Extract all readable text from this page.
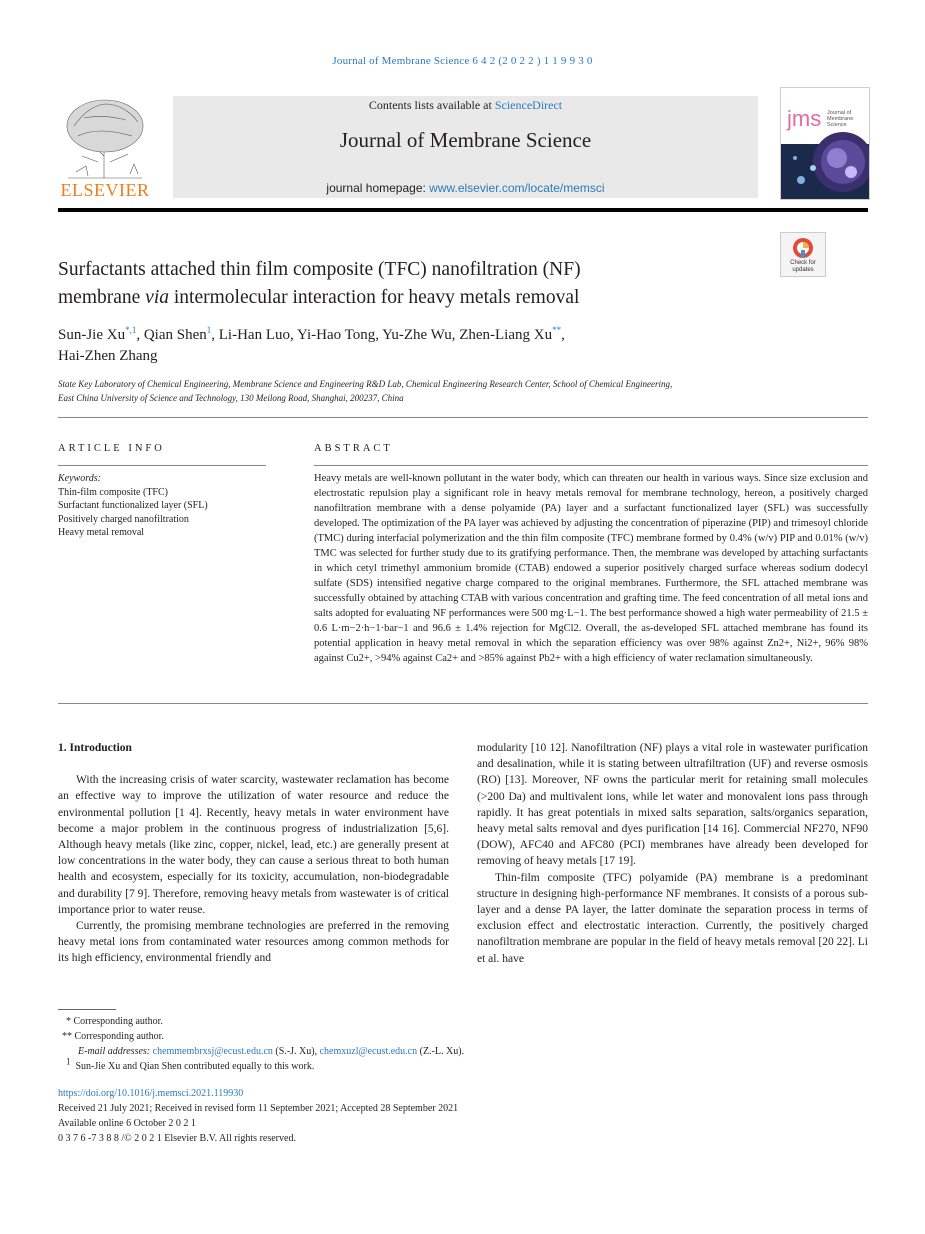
Journal of Membrane Science 6 4 2 (2 0 2 2 ) 1 1 9 9 3 0
ELSEVIER
Contents lists available at ScienceDirect
Journal of Membrane Science
journal homepage: www.elsevier.com/locate/memsci
jms Journal of
Membrane
Science
Check for
updates
Surfactants attached thin film composite (TFC) nanofiltration (NF)
membrane via intermolecular interaction for heavy metals removal
Sun-Jie $Xu^{*,1}$, Qian Shen$^1$, Li-Han Luo, Yi-Hao Tong, Yu-Zhe Wu, Zhen-Liang Xu**,
Hai-Zhen Zhang
State Key Laboratory of Chemical Engineering, Membrane Science and Engineering R&D Lab, Chemical Engineering Research Center, School of Chemical Engineering,
East China University of Science and Technology, 130 Meilong Road, Shanghai, 200237, China
ARTICLE INFO
Keywords:
Thin-film composite (TFC)
Surfactant functionalized layer (SFL)
Positively charged nanofiltration
Heavy metal removal
ABSTRACT
Heavy metals are well-known pollutant in the water body, which can threaten our health in various ways. Since size exclusion and electrostatic repulsion play a significant role in heavy metals removal for membrane technology, hereon, a positively charged nanofiltration membrane with a dense polyamide (PA) layer and a surfactant functionalized layer (SFL) was successfully developed. The optimization of the PA layer was achieved by adjusting the concentration of piperazine (PIP) and trimesoyl chloride (TMC) during interfacial polymerization and the thin film composite (TFC) membrane formed by 0.4% (w/v) PIP and 0.01% (w/v) TMC was selected for further study due to its gratifying performance. Then, the membrane was developed by attaching surfactants in which cetyl trimethyl ammonium bromide (CTAB) endowed a superior positively charged surface whereas sodium dodecyl sulfate (SDS) intensified negative charge compared to the original membranes. Furthermore, the SFL attached membrane was successfully obtained by attaching CTAB with various concentration and grafting time. The feed concentration of all metal ions and salts adopted for evaluating NF performances were 500 mg·L−1. The best performance showed a high water permeability of 21.5 ± 0.6 L·m−2·h−1·bar−1 and 96.6 ± 1.4% rejection for MgCl2. Overall, the as-developed SFL attached membrane has found its potential application in heavy metal removal in which the separation efficiency was over 98% against Zn2+, Ni2+, 96% 98% against Cu2+, >94% against Ca2+ and >85% against Pb2+ with a high efficiency of water reclamation simultaneously.
1. Introduction

With the increasing crisis of water scarcity, wastewater reclamation has become an effective way to improve the utilization of water resource and reduce the environmental pollution [1 4]. Recently, heavy metals in water environment have become a major problem in the continuous progress of industrialization [5,6]. Although heavy metals (like zinc, copper, nickel, lead, etc.) are generally present at low concentrations in the water body, they can cause a serious threat to both human health and ecosystem, especially for its toxicity, accumulation, non-biodegradable and durability [7 9]. Therefore, removing heavy metals from wastewater is of critical importance prior to water reuse.

Currently, the promising membrane technologies are preferred in the removing heavy metal ions from contaminated water resources among common methods for its high efficiency, environmental friendly and

modularity [10 12]. Nanofiltration (NF) plays a vital role in wastewater purification and desalination, while it is stating between ultrafiltration (UF) and reverse osmosis (RO) [13]. Moreover, NF owns the particular merit for retaining small molecules (>200 Da) and multivalent ions, while let water and monovalent ions pass through rapidly. It has great potentials in mixed salts separation, salts/organics separation, heavy metal salts removal and dyes purification [14 16]. Commercial NF270, NF90 (DOW), AFC40 and AFC80 (PCI) membranes have already been developed for removing of heavy metals [17 19].

Thin-film composite (TFC) polyamide (PA) membrane is a predominant structure in designing high-performance NF membranes. It consists of a porous sub-layer and a dense PA layer, the latter dominate the separation process in terms of exclusion effect and electrostatic interaction. Currently, the positively charged nanofiltration membrane are popular in the field of heavy metals removal [20 22]. Li et al. have

* Corresponding author.
** Corresponding author.
E-mail addresses: chemmembrxsj@ecust.edu.cn (S.-J. Xu), chemxuzl@ecust.edu.cn (Z.-L. Xu).
$^1$ Sun-Jie Xu and Qian Shen contributed equally to this work.
https://doi.org/10.1016/j.memsci.2021.119930
Received 21 July 2021; Received in revised form 11 September 2021; Accepted 28 September 2021
Available online 6 October 2 0 2 1
0 3 7 6 -7 3 8 8 /© 2 0 2 1 Elsevier B.V. All rights reserved.
